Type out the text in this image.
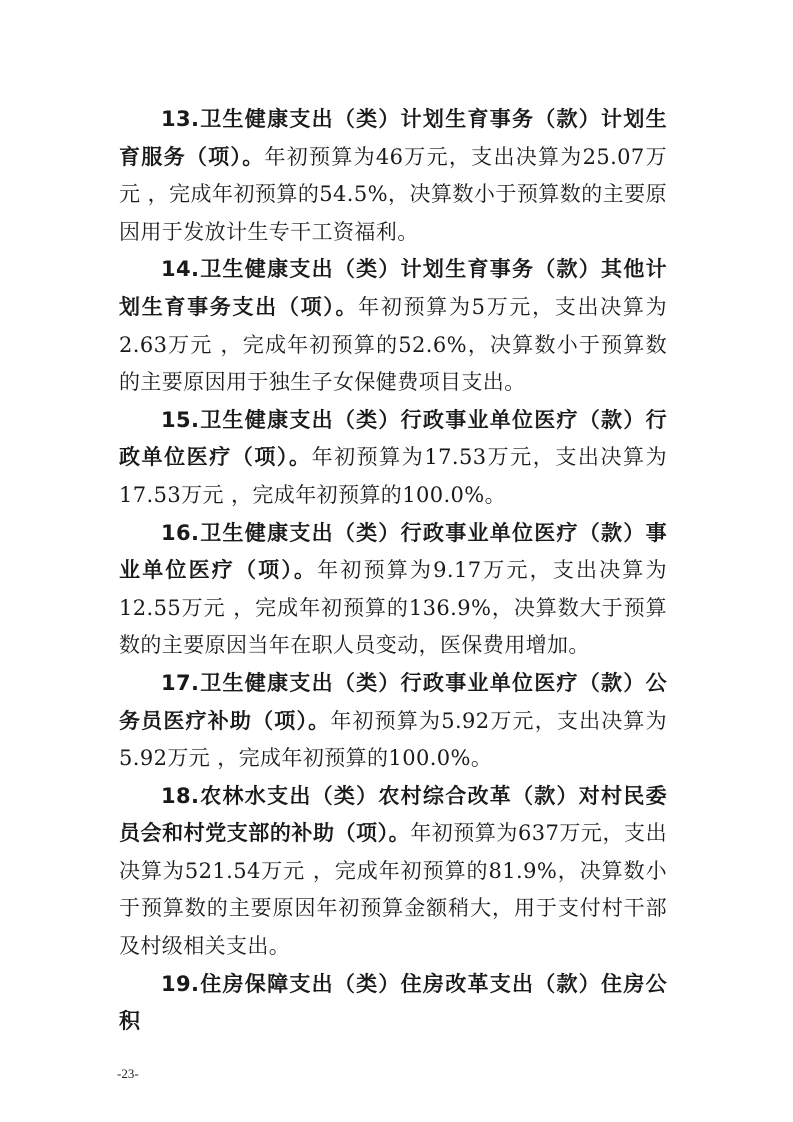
13.卫生健康支出（类）计划生育事务（款）计划生育服务（项）。年初预算为46万元，支出决算为25.07万元 ，完成年初预算的54.5%，决算数小于预算数的主要原因用于发放计生专干工资福利。

14.卫生健康支出（类）计划生育事务（款）其他计划生育事务支出（项）。年初预算为5万元，支出决算为2.63万元 ，完成年初预算的52.6%，决算数小于预算数的主要原因用于独生子女保健费项目支出。

15.卫生健康支出（类）行政事业单位医疗（款）行政单位医疗（项）。年初预算为17.53万元，支出决算为17.53万元 ，完成年初预算的100.0%。

16.卫生健康支出（类）行政事业单位医疗（款）事业单位医疗（项）。年初预算为9.17万元，支出决算为12.55万元 ，完成年初预算的136.9%，决算数大于预算数的主要原因当年在职人员变动，医保费用增加。

17.卫生健康支出（类）行政事业单位医疗（款）公务员医疗补助（项）。年初预算为5.92万元，支出决算为5.92万元 ，完成年初预算的100.0%。

18.农林水支出（类）农村综合改革（款）对村民委员会和村党支部的补助（项）。年初预算为637万元，支出决算为521.54万元 ，完成年初预算的81.9%，决算数小于预算数的主要原因年初预算金额稍大，用于支付村干部及村级相关支出。

19.住房保障支出（类）住房改革支出（款）住房公积

-23-
